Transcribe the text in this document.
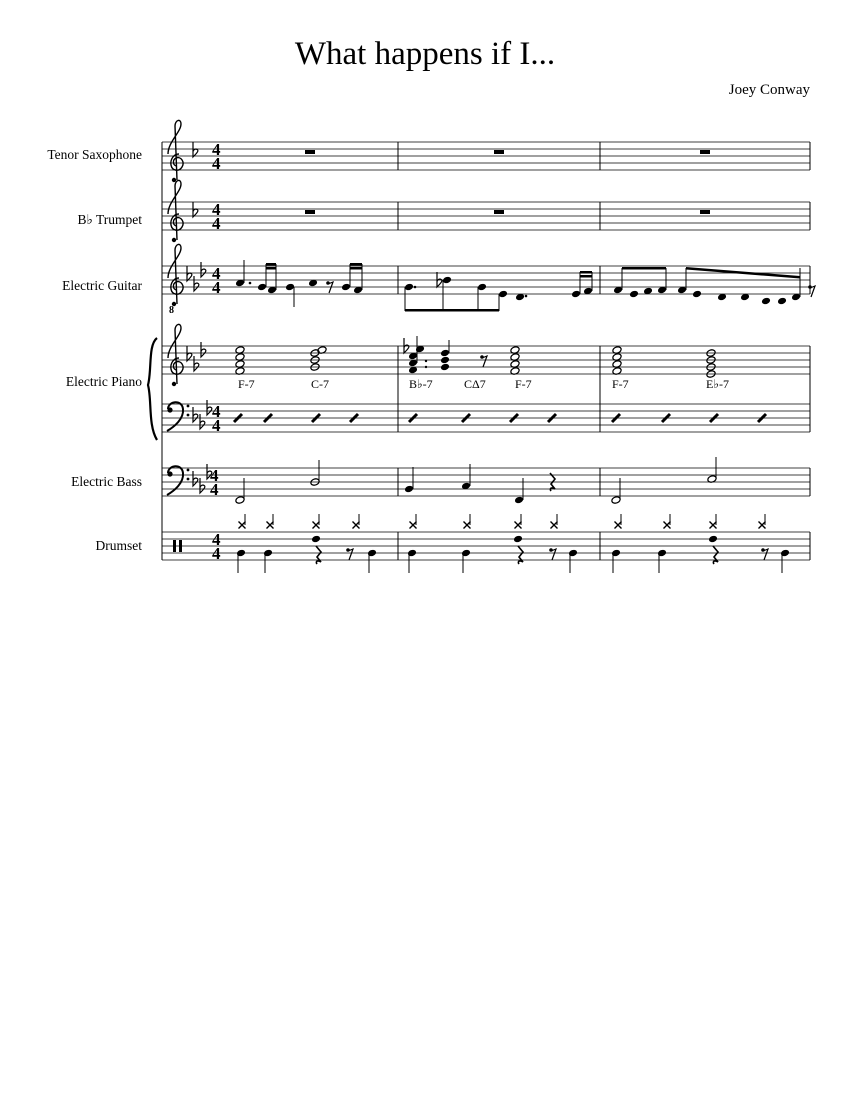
What happens if I...
Joey Conway
Tenor Saxophone
B♭ Trumpet
Electric Guitar
Electric Piano
Electric Bass
Drumset
8
F-7	C-7	B♭-7	CΔ7 F-7	F-7	E♭-7
4
4
4
4
4
4
4
4
4
4
4
4
